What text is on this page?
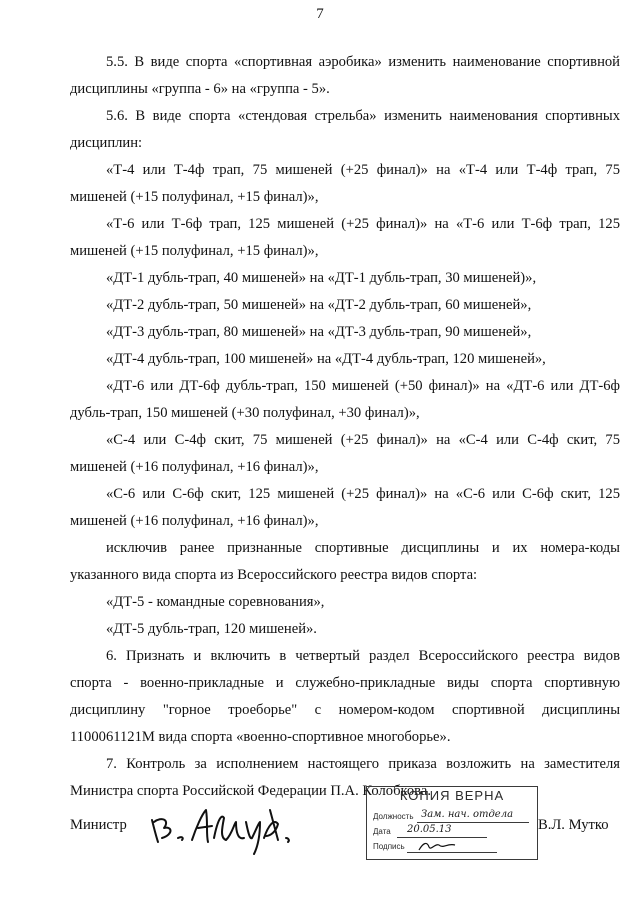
7
5.5. В виде спорта «спортивная аэробика» изменить наименование спортивной
дисциплины «группа - 6» на «группа - 5».
5.6. В виде спорта «стендовая стрельба» изменить наименования спортивных
дисциплин:
«Т-4 или Т-4ф трап, 75 мишеней (+25 финал)» на «Т-4 или Т-4ф трап, 75
мишеней (+15 полуфинал, +15 финал)»,
«Т-6 или Т-6ф трап, 125 мишеней (+25 финал)» на «Т-6 или Т-6ф трап, 125
мишеней (+15 полуфинал, +15 финал)»,
«ДТ-1 дубль-трап, 40 мишеней» на «ДТ-1 дубль-трап, 30 мишеней)»,
«ДТ-2 дубль-трап, 50 мишеней» на «ДТ-2 дубль-трап, 60 мишеней»,
«ДТ-3 дубль-трап, 80 мишеней» на «ДТ-3 дубль-трап, 90 мишеней»,
«ДТ-4 дубль-трап, 100 мишеней» на «ДТ-4 дубль-трап, 120 мишеней»,
«ДТ-6 или ДТ-6ф дубль-трап, 150 мишеней (+50 финал)» на «ДТ-6 или ДТ-6ф
дубль-трап, 150 мишеней (+30 полуфинал, +30 финал)»,
«С-4 или С-4ф скит, 75 мишеней (+25 финал)» на «С-4 или С-4ф скит, 75
мишеней (+16 полуфинал, +16 финал)»,
«С-6 или С-6ф скит, 125 мишеней (+25 финал)» на «С-6 или С-6ф скит, 125
мишеней (+16 полуфинал, +16 финал)»,
исключив ранее признанные спортивные дисциплины и их номера-коды
указанного вида спорта из Всероссийского реестра видов спорта:
«ДТ-5 - командные соревнования»,
«ДТ-5 дубль-трап, 120 мишеней».
6. Признать и включить в четвертый раздел Всероссийского реестра видов
спорта - военно-прикладные и служебно-прикладные виды спорта спортивную
дисциплину "горное троеборье" с номером-кодом спортивной дисциплины
1100061121М вида спорта «военно-спортивное многоборье».
7. Контроль за исполнением настоящего приказа возложить на заместителя
Министра спорта Российской Федерации П.А. Колобкова.
Министр	В.Л. Мутко
КОПИЯ ВЕРНА
Должность Зам. нач. отдела
Дата 20.05.13
Подпись
